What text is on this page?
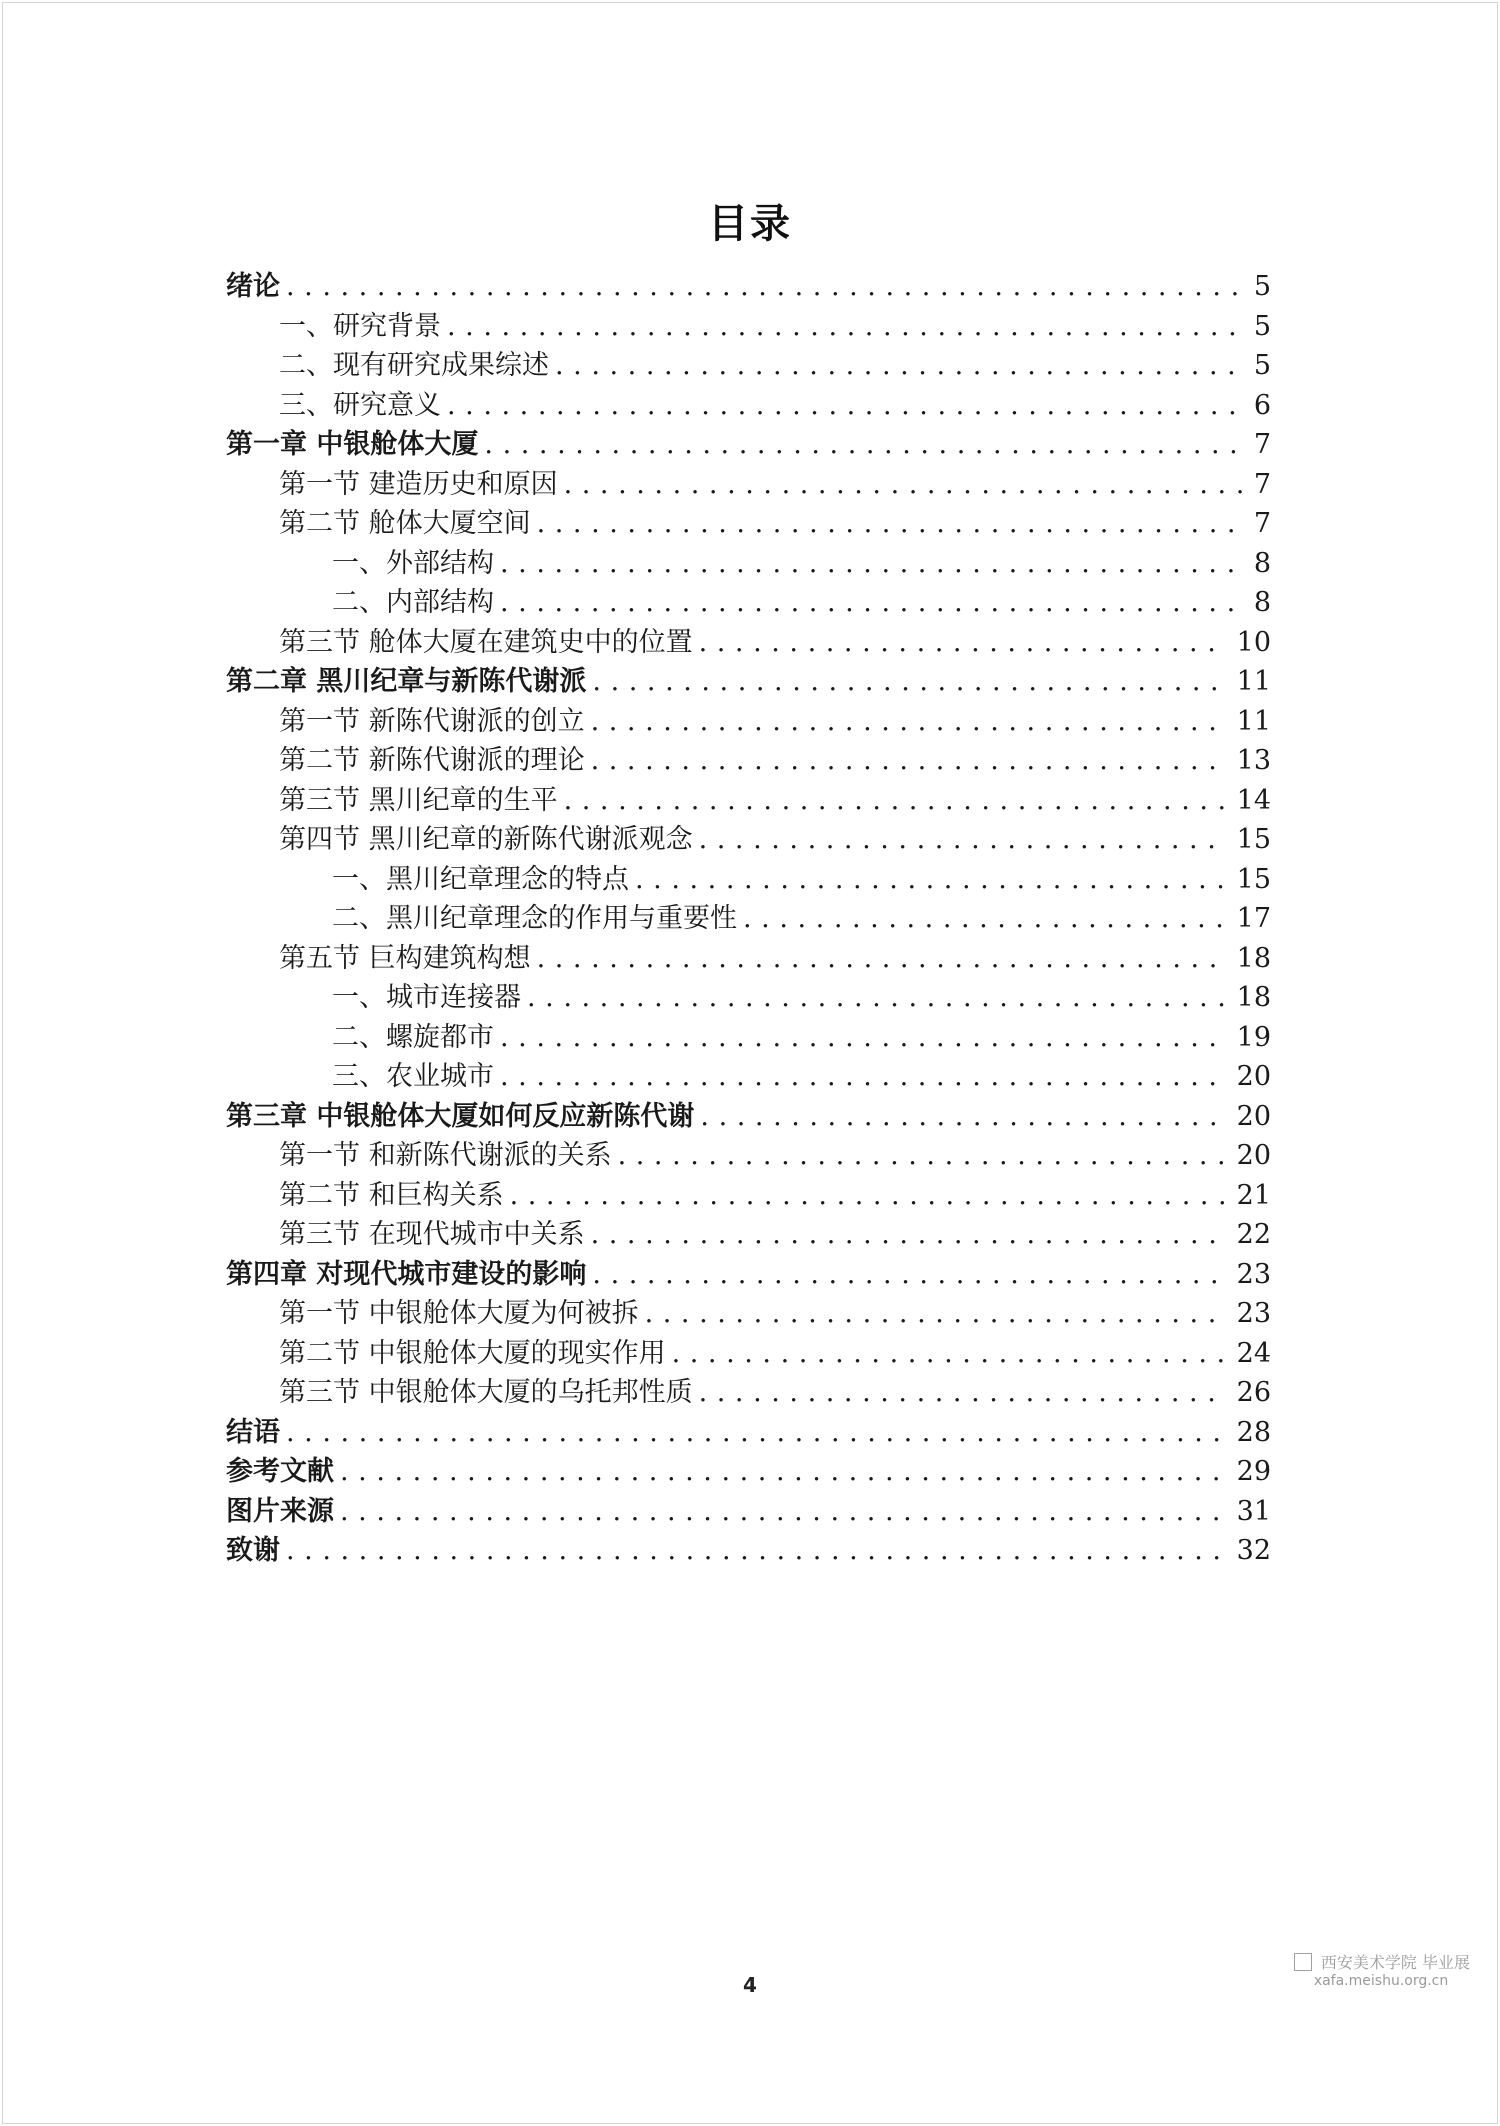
目录
绪论 . . .	5
一、研究背景 . . .	5
二、现有研究成果综述 . . .	5
三、研究意义 . . .	6
第一章 中银舱体大厦 . . .	7
第一节 建造历史和原因 . . .	7
第二节 舱体大厦空间 . . .	7
一、外部结构 . . .	8
二、内部结构 . . .	8
第三节 舱体大厦在建筑史中的位置 . . .	10
第二章 黑川纪章与新陈代谢派 . . .	11
第一节 新陈代谢派的创立 . . .	11
第二节 新陈代谢派的理论 . . .	13
第三节 黑川纪章的生平 . . .	14
第四节 黑川纪章的新陈代谢派观念 . . .	15
一、黑川纪章理念的特点 . . .	15
二、黑川纪章理念的作用与重要性 . . .	17
第五节 巨构建筑构想 . . .	18
一、城市连接器 . . .	18
二、螺旋都市 . . .	19
三、农业城市 . . .	20
第三章 中银舱体大厦如何反应新陈代谢 . . .	20
第一节 和新陈代谢派的关系 . . .	20
第二节 和巨构关系 . . .	21
第三节 在现代城市中关系 . . .	22
第四章 对现代城市建设的影响 . . .	23
第一节 中银舱体大厦为何被拆 . . .	23
第二节 中银舱体大厦的现实作用 . . .	24
第三节 中银舱体大厦的乌托邦性质 . . .	26
结语 . . .	28
参考文献 . . .	29
图片来源 . . .	31
致谢 . . .	32
4
西安美术学院 毕业展
xafa.meishu.org.cn
